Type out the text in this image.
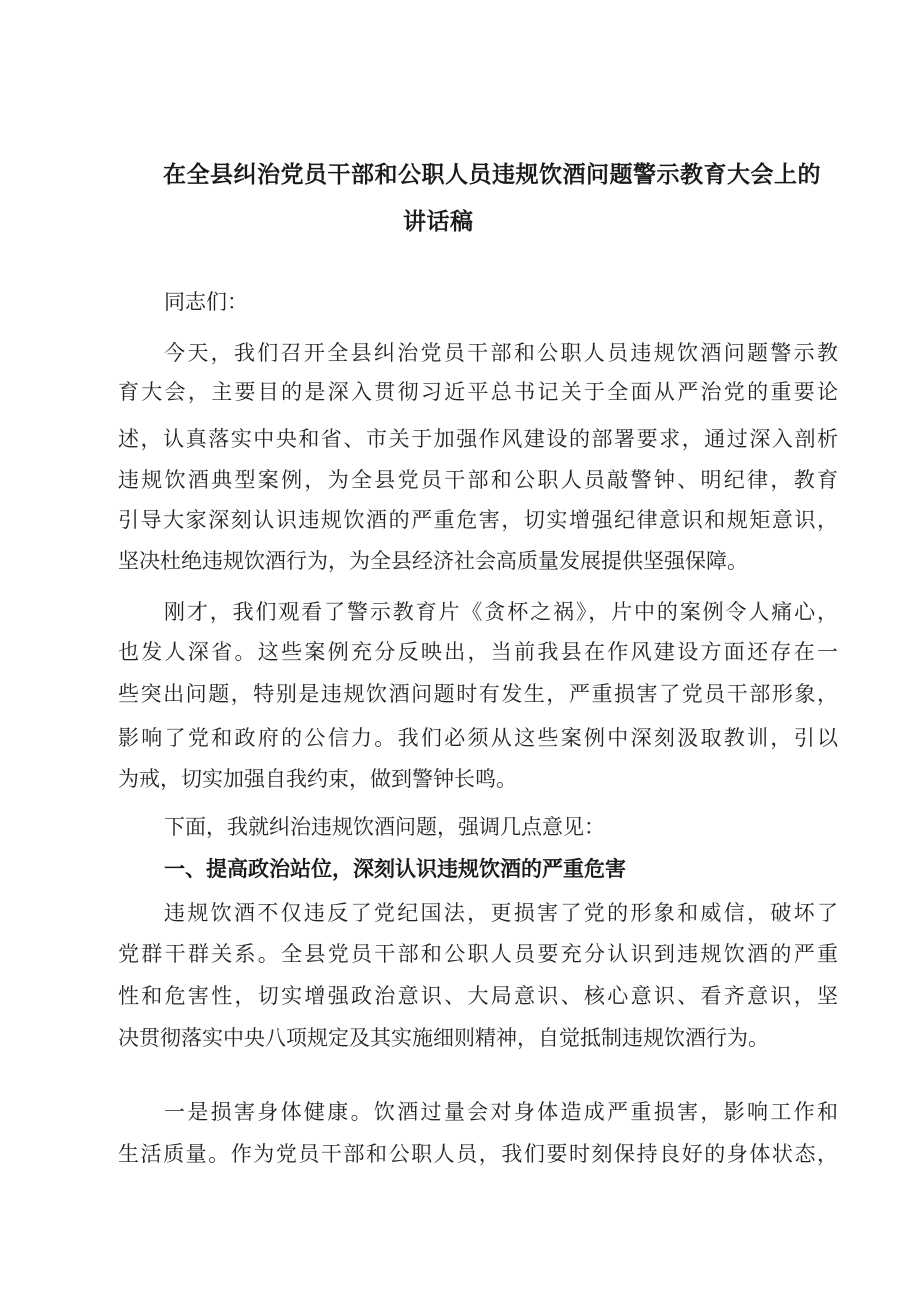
在全县纠治党员干部和公职人员违规饮酒问题警示教育大会上的
讲话稿
同志们：
今天，我们召开全县纠治党员干部和公职人员违规饮酒问题警示教
育大会，主要目的是深入贯彻习近平总书记关于全面从严治党的重要论
述，认真落实中央和省、市关于加强作风建设的部署要求，通过深入剖析
违规饮酒典型案例，为全县党员干部和公职人员敲警钟、明纪律，教育
引导大家深刻认识违规饮酒的严重危害，切实增强纪律意识和规矩意识，
坚决杜绝违规饮酒行为，为全县经济社会高质量发展提供坚强保障。
刚才，我们观看了警示教育片《贪杯之祸》，片中的案例令人痛心，
也发人深省。这些案例充分反映出，当前我县在作风建设方面还存在一
些突出问题，特别是违规饮酒问题时有发生，严重损害了党员干部形象，
影响了党和政府的公信力。我们必须从这些案例中深刻汲取教训，引以
为戒，切实加强自我约束，做到警钟长鸣。
下面，我就纠治违规饮酒问题，强调几点意见：
一、提高政治站位，深刻认识违规饮酒的严重危害
违规饮酒不仅违反了党纪国法，更损害了党的形象和威信，破坏了
党群干群关系。全县党员干部和公职人员要充分认识到违规饮酒的严重
性和危害性，切实增强政治意识、大局意识、核心意识、看齐意识，坚
决贯彻落实中央八项规定及其实施细则精神，自觉抵制违规饮酒行为。
一是损害身体健康。饮酒过量会对身体造成严重损害，影响工作和
生活质量。作为党员干部和公职人员，我们要时刻保持良好的身体状态，
